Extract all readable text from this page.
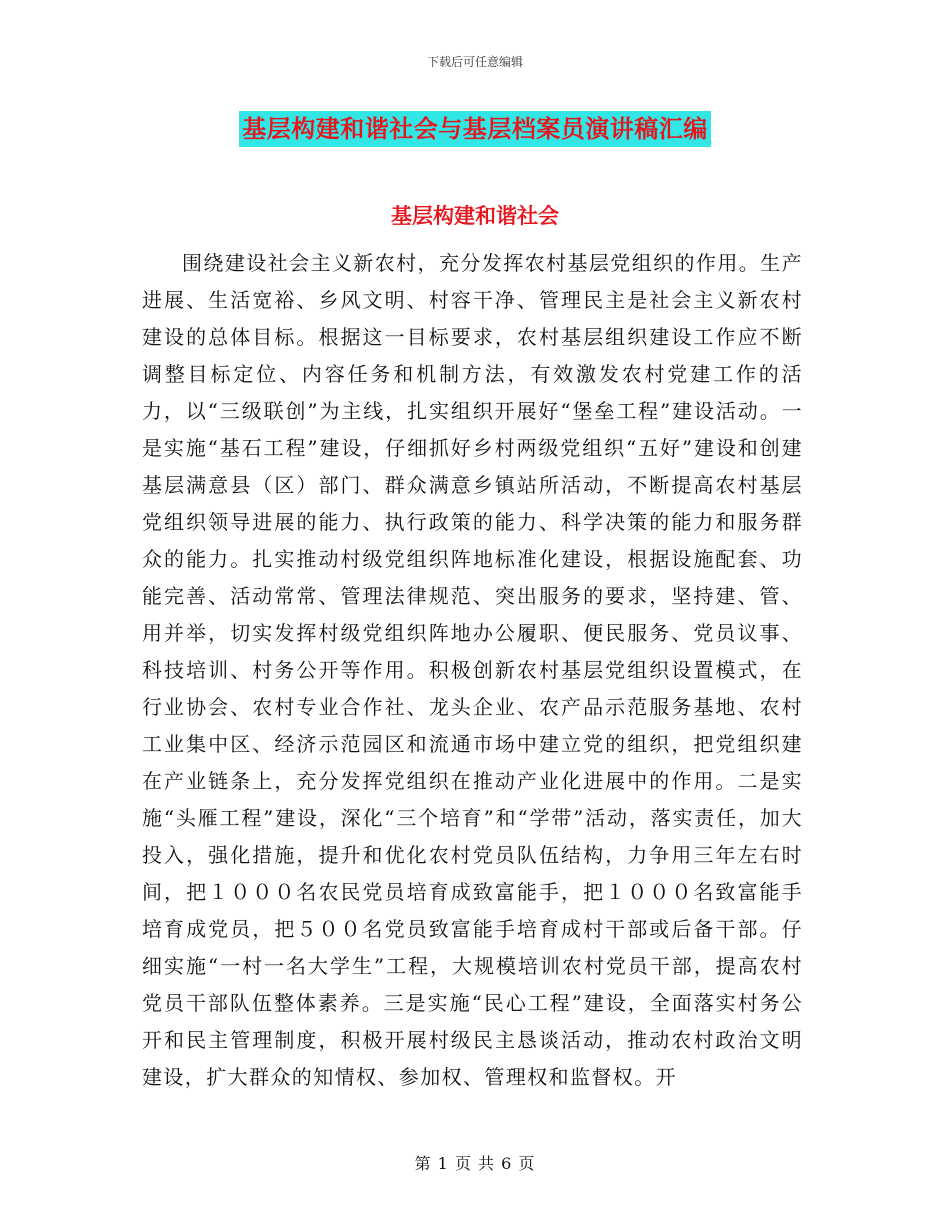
下载后可任意编辑
基层构建和谐社会与基层档案员演讲稿汇编
基层构建和谐社会

围绕建设社会主义新农村，充分发挥农村基层党组织的作用。生产进展、生活宽裕、乡风文明、村容干净、管理民主是社会主义新农村建设的总体目标。根据这一目标要求，农村基层组织建设工作应不断调整目标定位、内容任务和机制方法，有效激发农村党建工作的活力，以“三级联创”为主线，扎实组织开展好“堡垒工程”建设活动。一是实施“基石工程”建设，仔细抓好乡村两级党组织“五好”建设和创建基层满意县（区）部门、群众满意乡镇站所活动，不断提高农村基层党组织领导进展的能力、执行政策的能力、科学决策的能力和服务群众的能力。扎实推动村级党组织阵地标准化建设，根据设施配套、功能完善、活动常常、管理法律规范、突出服务的要求，坚持建、管、用并举，切实发挥村级党组织阵地办公履职、便民服务、党员议事、科技培训、村务公开等作用。积极创新农村基层党组织设置模式，在行业协会、农村专业合作社、龙头企业、农产品示范服务基地、农村工业集中区、经济示范园区和流通市场中建立党的组织，把党组织建在产业链条上，充分发挥党组织在推动产业化进展中的作用。二是实施“头雁工程”建设，深化“三个培育”和“学带”活动，落实责任，加大投入，强化措施，提升和优化农村党员队伍结构，力争用三年左右时间，把１０００名农民党员培育成致富能手，把１０００名致富能手培育成党员，把５００名党员致富能手培育成村干部或后备干部。仔细实施“一村一名大学生”工程，大规模培训农村党员干部，提高农村党员干部队伍整体素养。三是实施“民心工程”建设，全面落实村务公开和民主管理制度，积极开展村级民主恳谈活动，推动农村政治文明建设，扩大群众的知情权、参加权、管理权和监督权。开

第 1 页 共 6 页
